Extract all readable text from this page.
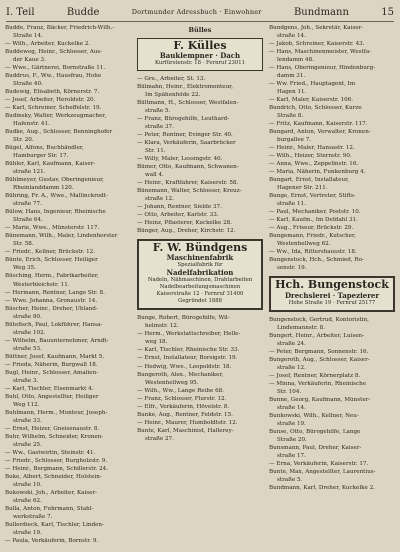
I. Teil	Budde	Dortmunder Adressbuch · Einwohner	Bundmann	15

Budde, Franz, Bäcker, Friedrich-Wilh.-

Straße 14.

— Wilh., Arbeiter, Kuckelke 2.

Buddeweg, Heinr., Schlosser, Aus-

der Kaue 3.

— Wwe., Gärtnerei, Bornstraße 11.

Buddrus, F., Ww., Hausfrau, Hohe

Straße 40.

Budewig, Elisabeth, Körnerstr. 7.

— Josef, Arbeiter, Heroldstr. 20.

— Karl, Schreiner, Scheffelstr. 19.

Budinsky, Walter, Werkzeugmacher,

Hafenstr. 41.

Budke, Aug., Schlosser, Benninghofer

Str. 20.

Bügel, Alfons, Buchhändler,

Hamburger Str. 17.

Bühler, Karl, Kaufmann, Kaiser-

straße 121.

Bühlmeyer, Gustav, Oberingenieur,

Rheinlanddamm 120.

Bühring, Fr. A., Wwe., Mallinckrodt-

straße 77.

Bülow, Hans, Ingenieur, Rheinische

Straße 64.

— Marie, Wwe., Münsterstr. 117.

Bünemann, Wilh., Maler, Lindenhorster

Str. 58.

— Friedr., Kellner, Brückstr. 12.

Bünte, Erich, Schlosser, Heiliger

Weg 35.

Büsching, Herm., Fabrikarbeiter,

Westerbleichstr. 11.

— Hermann, Rentner, Lange Str. 8.

— Wwe. Johanna, Gronaustr. 14.

Büscher, Heinr., Dreher, Uhland-

straße 80.

Bütefisch, Paul, Lokführer, Hansa-

straße 102.

— Wilhelm, Bauunternehmer, Arndt-

straße 53.

Büttner, Josef, Kaufmann, Markt 5.

— Frieda, Näherin, Burgwall 18.

Bugl, Heinr., Schlosser, Amalien-

straße 3.

— Karl, Tischler, Eisenmarkt 4.

Buhl, Otto, Angestellter, Heiliger

Weg 112.

Buhlmann, Herm., Monteur, Joseph-

straße 33.

— Ernst, Heizer, Gneisenaustr. 8.

Buhr, Wilhelm, Schneider, Kronen-

straße 25.

— Ww., Gastwirtin, Steinstr. 41.

— Friedr., Schlosser, Burgholzstr. 9.

— Heinr., Bergmann, Schillerstr. 24.

Buke, Albert, Schneider, Holstein-

straße 10.

Bukowski, Joh., Arbeiter, Kaiser-

straße 62.

Bulla, Anton, Fuhrmann, Stahl-

werkstraße 7.

Bullerdieck, Karl, Tischler, Linden-

straße 19.

— Paula, Verkäuferin, Bornstr. 9.

Bülles
F. Külles
Bauklempner · Dach
Kurfürstenstr. 18 · Fernruf 23011

— Gre., Arbeiter, St. 13.

Bülmahn, Heinr., Elektromonteur,

Im Spähenfelde 22.

Bültmann, H., Schlosser, Westfalen-

straße 5.

— Franz, Bürogehilfe, Leuthard-

straße 37.

— Peter, Rentner, Evinger Str. 40.

— Klara, Verkäuferin, Saarbrücker

Str. 11.

— Willy, Maler, Lessingstr. 40.

Bümer, Otto, Kaufmann, Schwanen-

wall 4.

— Heinr., Kraftfahrer, Kaiserstr. 58.

Bünemann, Walter, Schlosser, Kreuz-

straße 12.

— Johann, Rentner, Sielde 37.

— Otto, Arbeiter, Karlstr. 33.

— Heinz, Pflasterer, Kuckelke 28.

Bünger, Aug., Dreher, Kirchstr. 12.

F. W. Bündgens
Maschinenfabrik
Spezialfabrik für
Nadelfabrikation
Nadeln, Nähmaschinen, Drahtarbeiten
Nadelbearbeitungsmaschinen
Kaiserstraße 12 · Fernruf 31400
Gegründet 1888

Bunge, Robert, Bürogehilfe, Wil-

helmstr. 12.

— Herm., Werkstattschreiber, Helle-

weg 18.

— Karl, Tischler, Rheinische Str. 33.

— Ernst, Installateur, Borsigstr. 19.

— Hedwig, Wwe., Leopoldstr. 18.

Bungeroth, Alex., Mechaniker,

Westenhellweg 95.

— Wilh., Ww., Lange Reihe 68.

— Franz, Schlosser, Flurstr. 12.

— Elfr., Verkäuferin, Hövelstr. 8.

Bunke, Aug., Rentner, Feldstr. 15.

— Heinr., Maurer, Humboldtstr. 12.

Bunte, Karl, Maschinist, Hallerey-

straße 27.

Bundgens, Joh., Sekretär, Kaiser-

straße 14.

— Jakob, Schreiner, Kaiserstr. 43.

— Hans, Maschinenmeister, Westfa-

lendamm 48.

— Hans, Oberingenieur, Hindenburg-

damm 31.

— Ww. Fried., Hauptagent, Im

Hagen 11.

— Karl, Maler, Kaiserstr. 106.

Bundrich, Otto, Schlosser, Kurze

Straße 8.

— Fritz, Kaufmann, Kaiserstr. 117.

Bungard, Anton, Verwalter, Kronen-

burgallee 7.

— Heinr., Maler, Hansastr. 12.

— Wilh., Heizer, Sternstr. 90.

— Anna, Wwe., Zeppelinstr. 16.

— Maria, Näherin, Funkenburg 4.

Bungart, Ernst, Installateur,

Hagener Str. 211.

Bunge, Ernst, Vertreter, Stifts-

straße 11.

— Paul, Mechaniker, Poststr. 10.

— Karl, Kaufm., Im Defdahl 31.

— Aug., Friseur, Brückstr. 29.

Bungemann, Friedr., Kutscher,

Westenhellweg 62.

— Ww., Ida, Rittershausstr. 18.

Bungenstock, Hch., Schmied, Ro-

senstr. 19.

Hch. Bungenstock
Drechslerei · Tapezierer
Hohe Straße 19 · Fernruf 25177

Bungenstock, Gertrud, Kontoristin,

Lindemannstr. 8.

Bungert, Heinr., Arbeiter, Luisen-

straße 24.

— Peter, Bergmann, Sonnenstr. 16.

Bungeroth, Aug., Schlosser, Kaiser-

straße 12.

— Josef, Rentner, Körnerplatz 8.

— Minna, Verkäuferin, Rheinische

Str. 104.

Bunne, Georg, Kaufmann, Münster-

straße 14.

Bunkowski, Wilh., Kellner, Neu-

straße 19.

Bunse, Otto, Bürogehilfe, Lange

Straße 20.

Bunsmann, Paul, Dreher, Kaiser-

straße 17.

— Erna, Verkäuferin, Kaiserstr. 17.

Bunte, Max, Angestellter, Laurentius-

straße 5.

Bundmann, Karl, Dreher, Kuckelke 2.
